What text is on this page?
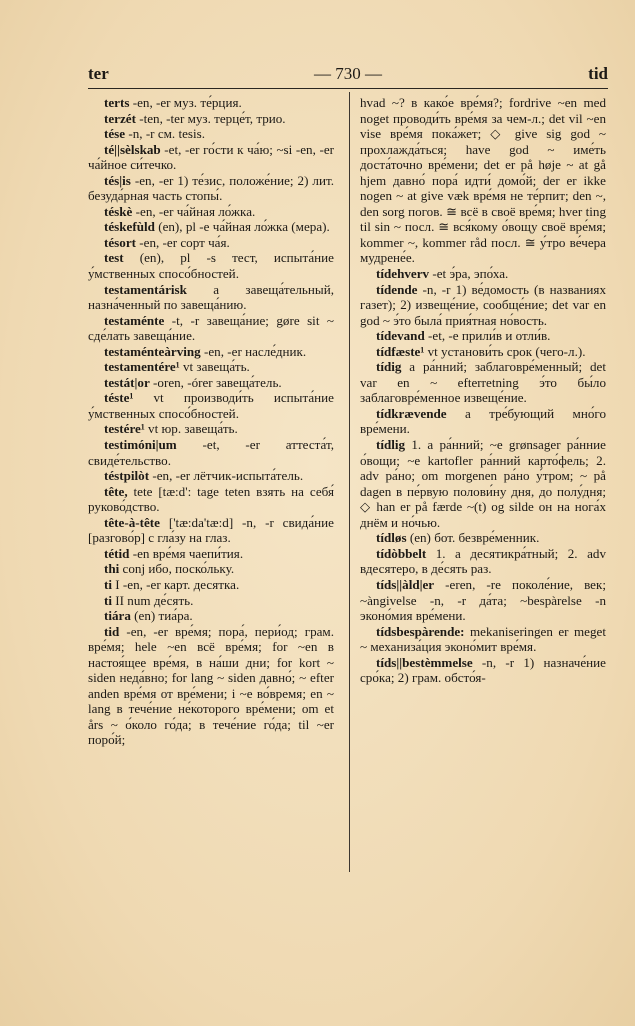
ter	— 730 —	tid

terts -en, -er муз. те́рция.

terzét -ten, -ter муз. терце́т, трио.

tése -n, -r см. tesis.

té||sèlskab -et, -er го́сти к ча́ю; ~si -en, -er ча́йное си́течко.

tés|is -en, -er 1) те́зис, положе́ние; 2) лит. безуда́рная часть стопы́.

téskè -en, -er ча́йная ло́жка.

téskefùld (en), pl -e ча́йная ло́жка (мера).

tésort -en, -er сорт ча́я.

test (en), pl -s тест, испыта́ние у́мственных спосо́бностей.

testamentárisk a завеща́тельный, назна́ченный по завеща́нию.

testaménte -t, -r завеща́ние; gøre sit ~ сде́лать завеща́ние.

testaménteàrving -en, -er насле́дник.

testamentére¹ vt завеща́ть.

testát|or -oren, -órer завеща́тель.

téste¹ vt производи́ть испыта́ние у́мственных спосо́бностей.

testére¹ vt юр. завеща́ть.

testimóni|um -et, -er аттеста́т, свиде́тельство.

téstpilòt -en, -er лётчик-испыта́тель.

tête, tete [tæ:d': tage teten взять на себя́ руково́дство.

tête-à-tête ['tæ:da'tæ:d] -n, -r свида́ние [разгово́р] с гла́зу на глаз.

tétid -en вре́мя чаепи́тия.

thi conj ибо, поско́льку.

ti I -en, -er карт. десятка.

ti II num де́сять.

tiára (en) тиа́ра.

tid -en, -er вре́мя; пора́, пери́од; грам. вре́мя; hele ~en всё вре́мя; for ~en в настоя́щее вре́мя, в на́ши дни; for kort ~ siden неда́вно; for lang ~ siden давно́; ~ efter anden вре́мя от вре́мени; i ~e во́время; en ~ lang в тече́ние не́которого вре́мени; om et års ~ о́коло го́да; в тече́ние го́да; til ~er поро́й;

hvad ~? в како́е вре́мя?; fordrive ~en med noget проводи́ть вре́мя за чем-л.; det vil ~en vise вре́мя пока́жет; ◇ give sig god ~ прохлажда́ться; have god ~ име́ть доста́точно вре́мени; det er på høje ~ at gå hjem давно́ пора́ идти́ домо́й; der er ikke nogen ~ at give væk вре́мя не те́рпит; den ~, den sorg погов. ≅ всё в своё вре́мя; hver ting til sin ~ посл. ≅ вся́кому о́вощу своё вре́мя; kommer ~, kommer råd посл. ≅ у́тро ве́чера мудрене́е.

tídehverv -et э́ра, эпо́ха.

tídende -n, -r 1) ве́домость (в названиях газет); 2) извеще́ние, сообще́ние; det var en god ~ э́то была́ прия́тная но́вость.

tídevand -et, -e прили́в и отли́в.

tídfæste¹ vt установи́ть срок (чего-л.).

tídig a ра́нний; заблаговре́менный; det var en ~ efterretning э́то бы́ло заблаговре́менное извеще́ние.

tídkrævende a тре́бующий мно́го вре́мени.

tídlig 1. a ра́нний; ~e grønsager ра́нние о́вощи; ~e kartofler ра́нний карто́фель; 2. adv ра́но; om morgenen ра́но у́тром; ~ på dagen в пе́рвую полови́ну дня, до полу́дня; ◇ han er på færde ~(t) og silde он на нога́х днём и но́чью.

tídløs (en) бот. безвре́менник.

tídòbbelt 1. a десятикра́тный; 2. adv вдесятеро, в де́сять раз.

tíds||àld|er -eren, -re поколе́ние, век; ~àngivelse -n, -r да́та; ~bespàrelse -n эконо́мия вре́мени.

tídsbespàrende: mekaniseringen er meget ~ механиза́ция эконо́мит вре́мя.

tíds||bestèmmelse -n, -r 1) назначе́ние сро́ка; 2) грам. обсто́я-
